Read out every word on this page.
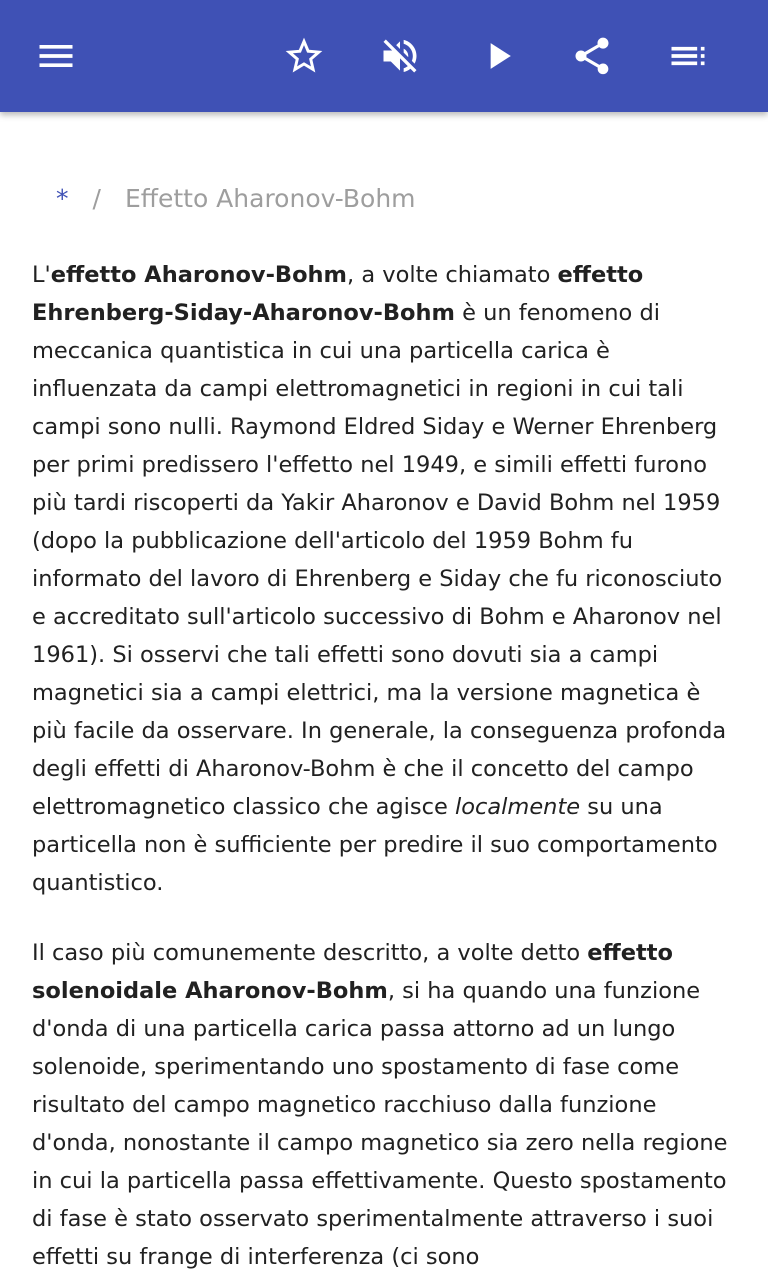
* / Effetto Aharonov-Bohm

L'effetto Aharonov-Bohm, a volte chiamato effetto Ehrenberg-Siday-Aharonov-Bohm è un fenomeno di meccanica quantistica in cui una particella carica è influenzata da campi elettromagnetici in regioni in cui tali campi sono nulli. Raymond Eldred Siday e Werner Ehrenberg per primi predissero l'effetto nel 1949, e simili effetti furono più tardi riscoperti da Yakir Aharonov e David Bohm nel 1959 (dopo la pubblicazione dell'articolo del 1959 Bohm fu informato del lavoro di Ehrenberg e Siday che fu riconosciuto e accreditato sull'articolo successivo di Bohm e Aharonov nel 1961). Si osservi che tali effetti sono dovuti sia a campi magnetici sia a campi elettrici, ma la versione magnetica è più facile da osservare. In generale, la conseguenza profonda degli effetti di Aharonov-Bohm è che il concetto del campo elettromagnetico classico che agisce localmente su una particella non è sufficiente per predire il suo comportamento quantistico.

Il caso più comunemente descritto, a volte detto effetto solenoidale Aharonov-Bohm, si ha quando una funzione d'onda di una particella carica passa attorno ad un lungo solenoide, sperimentando uno spostamento di fase come risultato del campo magnetico racchiuso dalla funzione d'onda, nonostante il campo magnetico sia zero nella regione in cui la particella passa effettivamente. Questo spostamento di fase è stato osservato sperimentalmente attraverso i suoi effetti su frange di interferenza (ci sono
